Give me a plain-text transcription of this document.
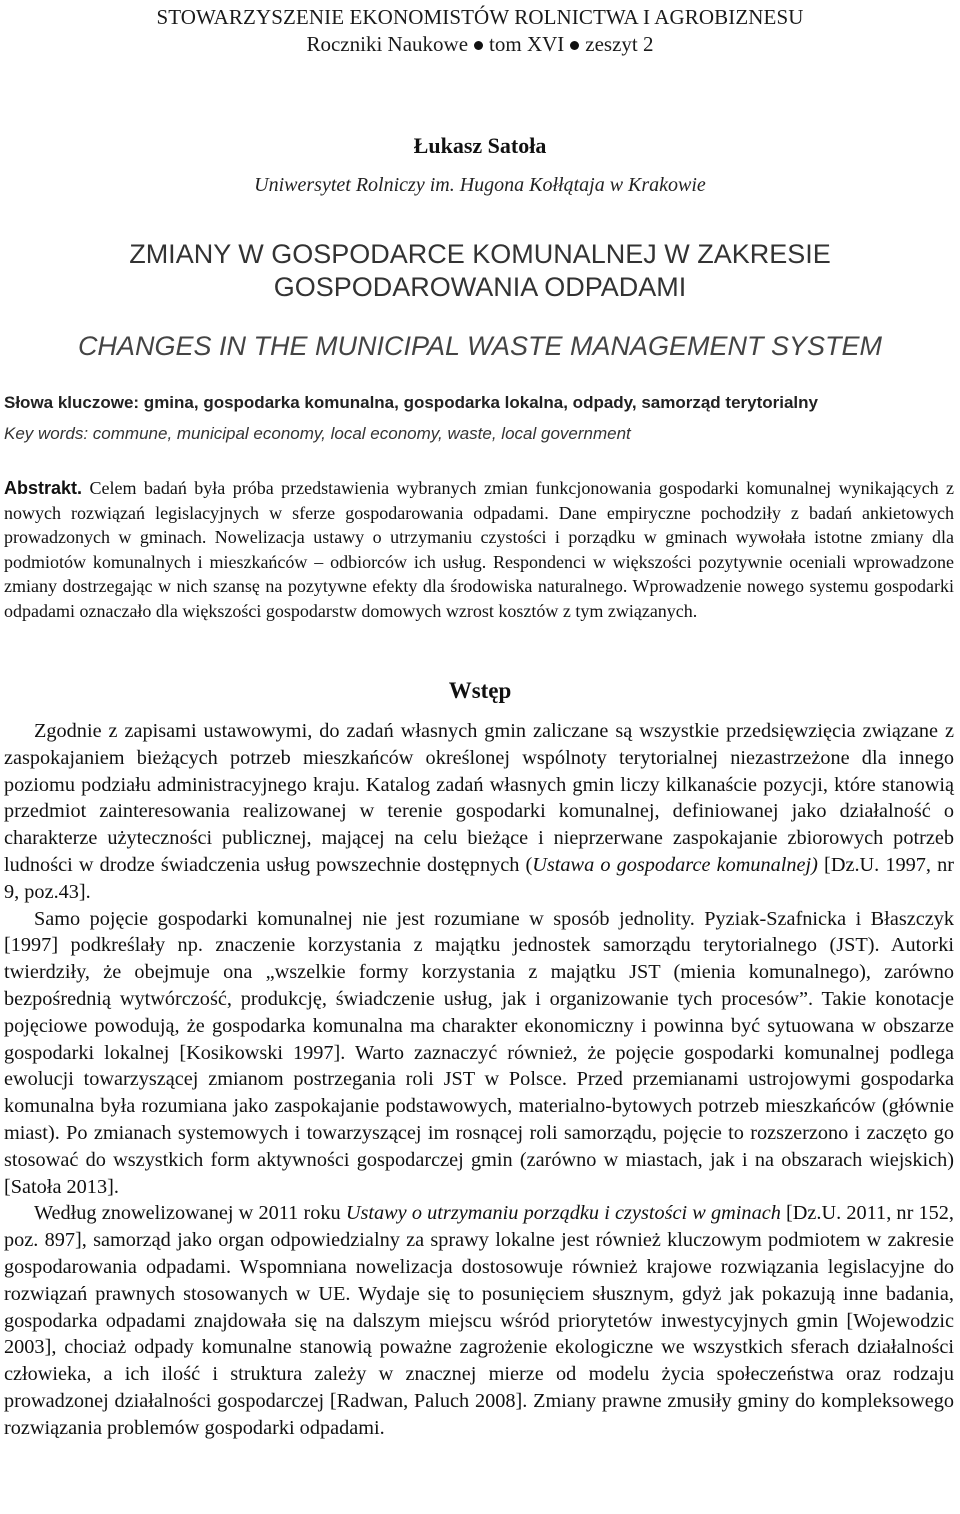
STOWARZYSZENIE EKONOMISTÓW ROLNICTWA I AGROBIZNESU
Roczniki Naukowe tom XVI zeszyt 2
Łukasz Satoła
Uniwersytet Rolniczy im. Hugona Kołłątaja w Krakowie
ZMIANY W GOSPODARCE KOMUNALNEJ W ZAKRESIE
GOSPODAROWANIA ODPADAMI
CHANGES IN THE MUNICIPAL WASTE MANAGEMENT SYSTEM
Słowa kluczowe: gmina, gospodarka komunalna, gospodarka lokalna, odpady, samorząd terytorialny
Key words: commune, municipal economy, local economy, waste, local government
Abstrakt. Celem badań była próba przedstawienia wybranych zmian funkcjonowania gospodarki komunalnej wynikających z nowych rozwiązań legislacyjnych w sferze gospodarowania odpadami. Dane empiryczne pochodziły z badań ankietowych prowadzonych w gminach. Nowelizacja ustawy o utrzymaniu czystości i porządku w gminach wywołała istotne zmiany dla podmiotów komunalnych i mieszkańców – odbiorców ich usług. Respondenci w większości pozytywnie oceniali wprowadzone zmiany dostrzegając w nich szansę na pozytywne efekty dla środowiska naturalnego. Wprowadzenie nowego systemu gospodarki odpadami oznaczało dla większości gospodarstw domowych wzrost kosztów z tym związanych.
Wstęp

Zgodnie z zapisami ustawowymi, do zadań własnych gmin zaliczane są wszystkie przedsięwzięcia związane z zaspokajaniem bieżących potrzeb mieszkańców określonej wspólnoty terytorialnej niezastrzeżone dla innego poziomu podziału administracyjnego kraju. Katalog zadań własnych gmin liczy kilkanaście pozycji, które stanowią przedmiot zainteresowania realizowanej w terenie gospodarki komunalnej, definiowanej jako działalność o charakterze użyteczności publicznej, mającej na celu bieżące i nieprzerwane zaspokajanie zbiorowych potrzeb ludności w drodze świadczenia usług powszechnie dostępnych (Ustawa o gospodarce komunalnej) [Dz.U. 1997, nr 9, poz.43].

Samo pojęcie gospodarki komunalnej nie jest rozumiane w sposób jednolity. Pyziak-Szafnicka i Błaszczyk [1997] podkreślały np. znaczenie korzystania z majątku jednostek samorządu terytorialnego (JST). Autorki twierdziły, że obejmuje ona „wszelkie formy korzystania z majątku JST (mienia komunalnego), zarówno bezpośrednią wytwórczość, produkcję, świadczenie usług, jak i organizowanie tych procesów”. Takie konotacje pojęciowe powodują, że gospodarka komunalna ma charakter ekonomiczny i powinna być sytuowana w obszarze gospodarki lokalnej [Kosikowski 1997]. Warto zaznaczyć również, że pojęcie gospodarki komunalnej podlega ewolucji towarzyszącej zmianom postrzegania roli JST w Polsce. Przed przemianami ustrojowymi gospodarka komunalna była rozumiana jako zaspokajanie podstawowych, materialno-bytowych potrzeb mieszkańców (głównie miast). Po zmianach systemowych i towarzyszącej im rosnącej roli samorządu, pojęcie to rozszerzono i zaczęto go stosować do wszystkich form aktywności gospodarczej gmin (zarówno w miastach, jak i na obszarach wiejskich) [Satoła 2013].

Według znowelizowanej w 2011 roku Ustawy o utrzymaniu porządku i czystości w gminach [Dz.U. 2011, nr 152, poz. 897], samorząd jako organ odpowiedzialny za sprawy lokalne jest również kluczowym podmiotem w zakresie gospodarowania odpadami. Wspomniana nowelizacja dostosowuje również krajowe rozwiązania legislacyjne do rozwiązań prawnych stosowanych w UE. Wydaje się to posunięciem słusznym, gdyż jak pokazują inne badania, gospodarka odpadami znajdowała się na dalszym miejscu wśród priorytetów inwestycyjnych gmin [Wojewodzic 2003], chociaż odpady komunalne stanowią poważne zagrożenie ekologiczne we wszystkich sferach działalności człowieka, a ich ilość i struktura zależy w znacznej mierze od modelu życia społeczeństwa oraz rodzaju prowadzonej działalności gospodarczej [Radwan, Paluch 2008]. Zmiany prawne zmusiły gminy do kompleksowego rozwiązania problemów gospodarki odpadami.
